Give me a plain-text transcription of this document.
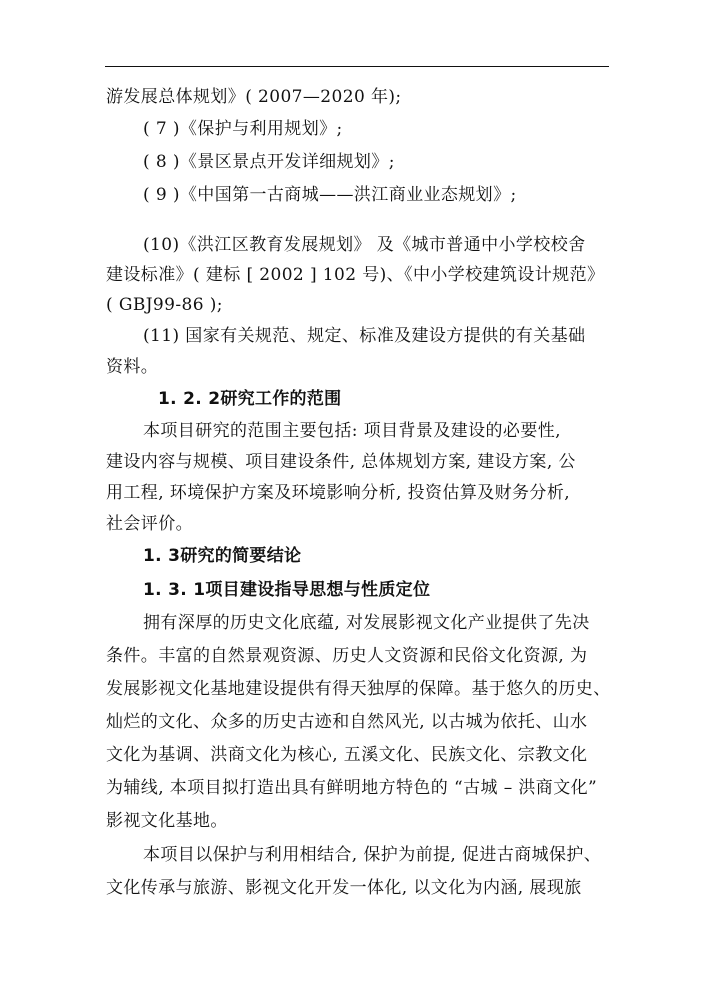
游发展总体规划》( 2007—2020 年);
( 7 )《保护与利用规划》;
( 8 )《景区景点开发详细规划》;
( 9 )《中国第一古商城——洪江商业业态规划》;
(10)《洪江区教育发展规划》 及《城市普通中小学校校舍
建设标准》( 建标 [ 2002 ] 102 号)、《中小学校建筑设计规范》
( GBJ99-86 );
(11) 国家有关规范、规定、标准及建设方提供的有关基础
资料。
1. 2. 2研究工作的范围
本项目研究的范围主要包括: 项目背景及建设的必要性,
建设内容与规模、项目建设条件, 总体规划方案, 建设方案, 公
用工程, 环境保护方案及环境影响分析, 投资估算及财务分析,
社会评价。
1. 3研究的简要结论
1. 3. 1项目建设指导思想与性质定位
拥有深厚的历史文化底蕴, 对发展影视文化产业提供了先决
条件。丰富的自然景观资源、历史人文资源和民俗文化资源, 为
发展影视文化基地建设提供有得天独厚的保障。基于悠久的历史、
灿烂的文化、众多的历史古迹和自然风光, 以古城为依托、山水
文化为基调、洪商文化为核心, 五溪文化、民族文化、宗教文化
为辅线, 本项目拟打造出具有鲜明地方特色的 “古城 – 洪商文化”
影视文化基地。
本项目以保护与利用相结合, 保护为前提, 促进古商城保护、
文化传承与旅游、影视文化开发一体化, 以文化为内涵, 展现旅
